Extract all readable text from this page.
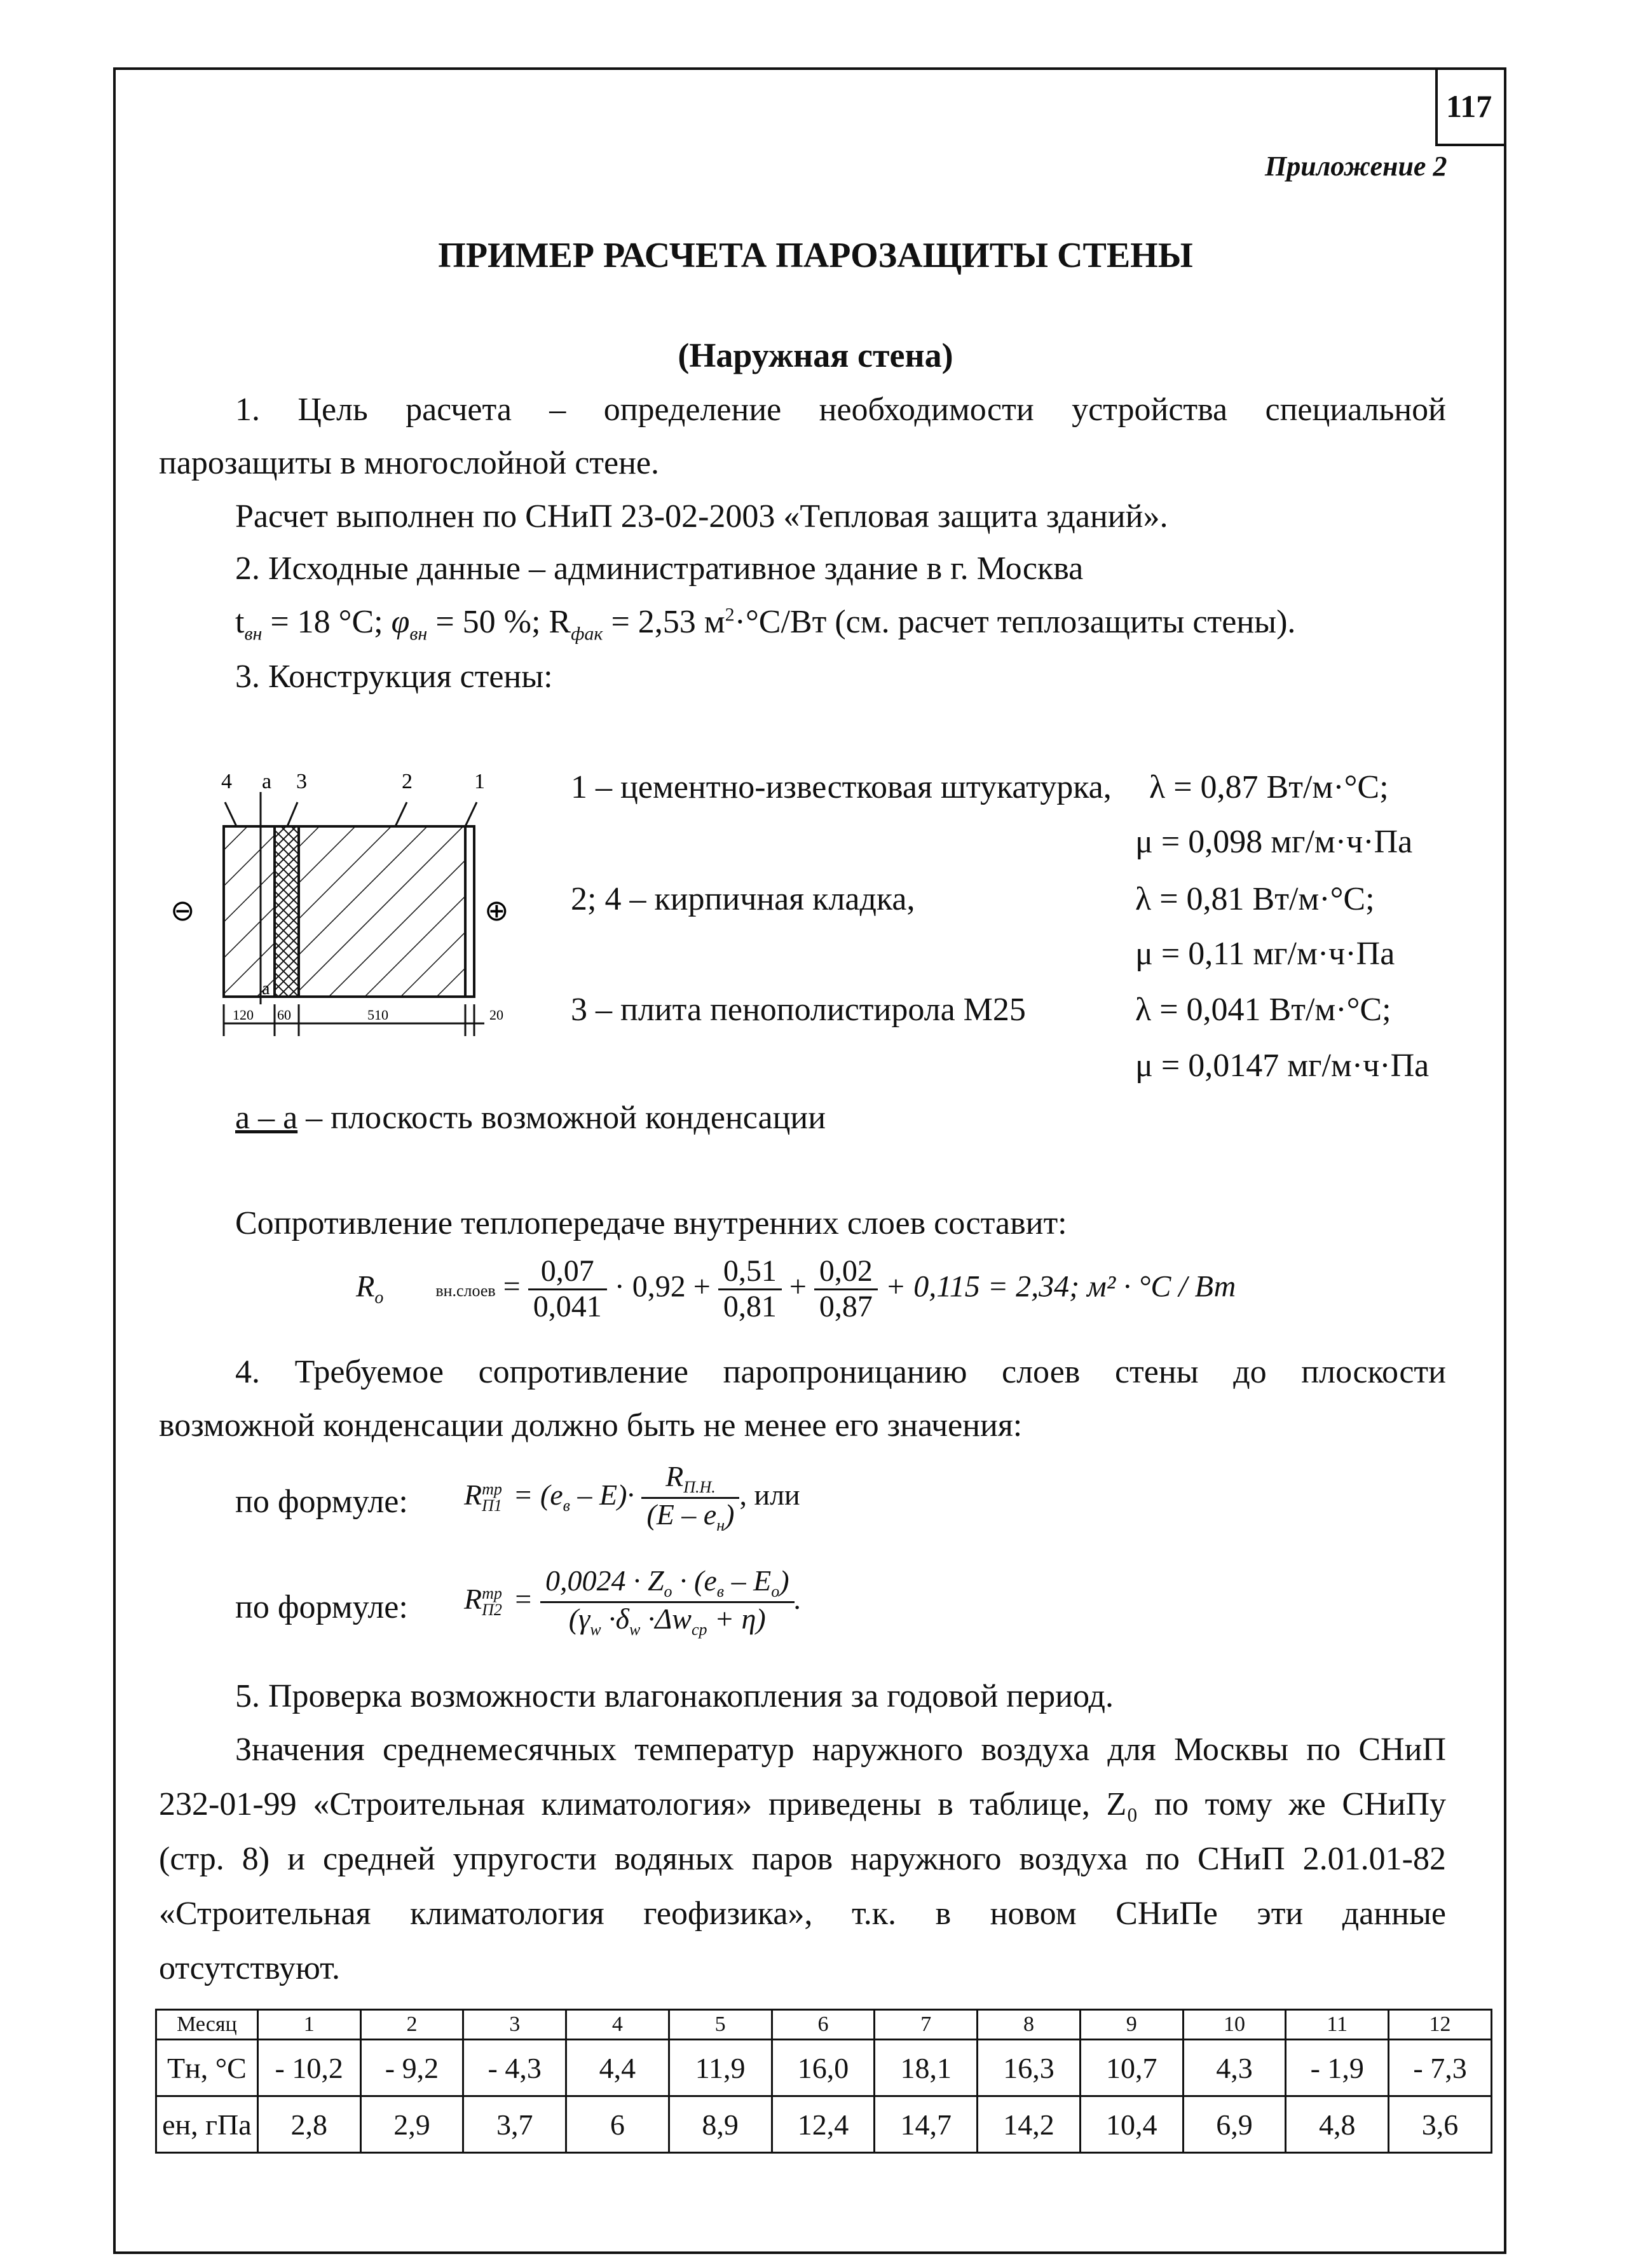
117
Приложение 2
ПРИМЕР РАСЧЕТА ПАРОЗАЩИТЫ СТЕНЫ
(Наружная стена)
1. Цель расчета – определение необходимости устройства специальной
парозащиты в многослойной стене.
Расчет выполнен по СНиП 23-02-2003 «Тепловая защита зданий».
2. Исходные данные – административное здание в г. Москва
$t_{вн} = 18$ °С; $\varphi_{вн} = 50$ %; $R_{фак} = 2,53$ $м^2\cdot^\circ С/Вт$ (см. расчет теплозащиты стены).
3. Конструкция стены:
4 a 3	2	1
a
⊖	⊕
120 60	510	20
1 – цементно-известковая штукатурка, λ = 0,87 Вт/м·°С;
μ = 0,098 мг/м·ч·Па
2; 4 – кирпичная кладка,	λ = 0,81 Вт/м·°С;
μ = 0,11 мг/м·ч·Па
3 – плита пенополистирола М25	λ = 0,041 Вт/м·°С;
μ = 0,0147 мг/м·ч·Па
а – а – плоскость возможной конденсации
Сопротивление теплопередаче внутренних слоев составит:
$R_о$	вн.слоев = $\frac{0,07}{0,041} \cdot 0,92 + \frac{0,51}{0,81} + \frac{0,02}{0,87} + 0,115 = 2,34$; м² · °С / Вт
4. Требуемое сопротивление паропроницанию слоев стены до плоскости
возможной конденсации должно быть не менее его значения:
по формуле: R тр
$П1 = (e_в - E)\cdot \frac{R_{П.Н.}}{(E - e_н)}$ , или
по формуле: R тр
$П2 = \frac{0,0024 \cdot Z_о \cdot (e_в - E_о)}{(\gamma_w \cdot\delta_w \cdot\Delta w_{ср} + \eta)}$ .
5. Проверка возможности влагонакопления за годовой период.
Значения среднемесячных температур наружного воздуха для Москвы по СНиП
232-01-99 «Строительная климатология» приведены в таблице, Z₀ по тому же СНиПу
(стр. 8) и средней упругости водяных паров наружного воздуха по СНиП 2.01.01-82
«Строительная климатология геофизика», т.к. в новом СНиПе эти данные
отсутствуют.
Месяц	1	2	3	4	5	6	7	8	9	10	11	12
Тн, °С	- 10,2	- 9,2	- 4,3	4,4	11,9	16,0	18,1	16,3	10,7	4,3	- 1,9	- 7,3
eн, гПа	2,8	2,9	3,7	6	8,9	12,4	14,7	14,2	10,4	6,9	4,8	3,6
